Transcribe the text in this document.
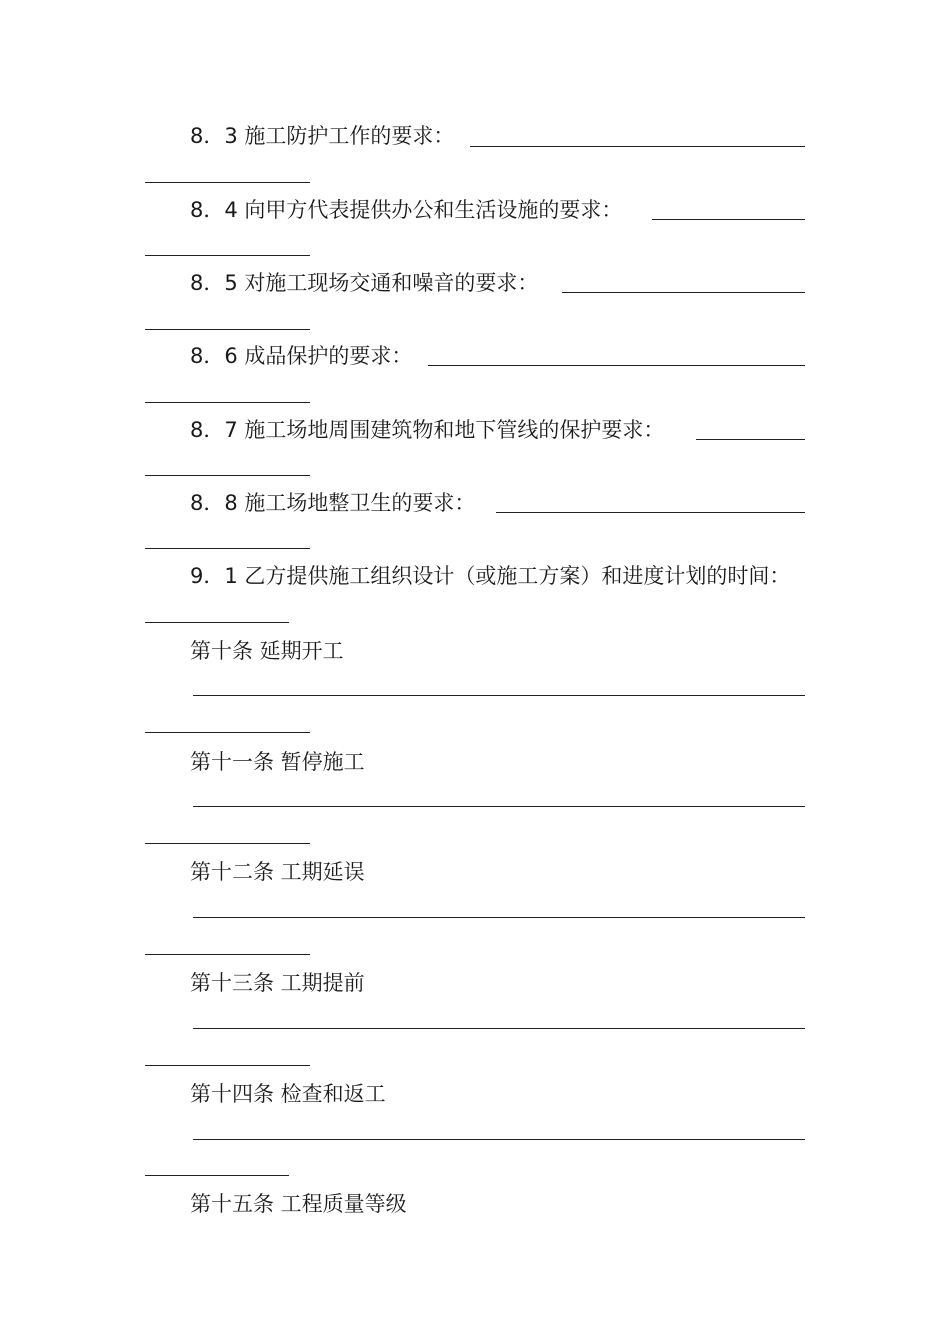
8．3 施工防护工作的要求：
8．4 向甲方代表提供办公和生活设施的要求：
8．5 对施工现场交通和噪音的要求：
8．6 成品保护的要求：
8．7 施工场地周围建筑物和地下管线的保护要求：
8．8 施工场地整卫生的要求：
9．1 乙方提供施工组织设计（或施工方案）和进度计划的时间：
第十条 延期开工
第十一条 暂停施工
第十二条 工期延误
第十三条 工期提前
第十四条 检查和返工
第十五条 工程质量等级
